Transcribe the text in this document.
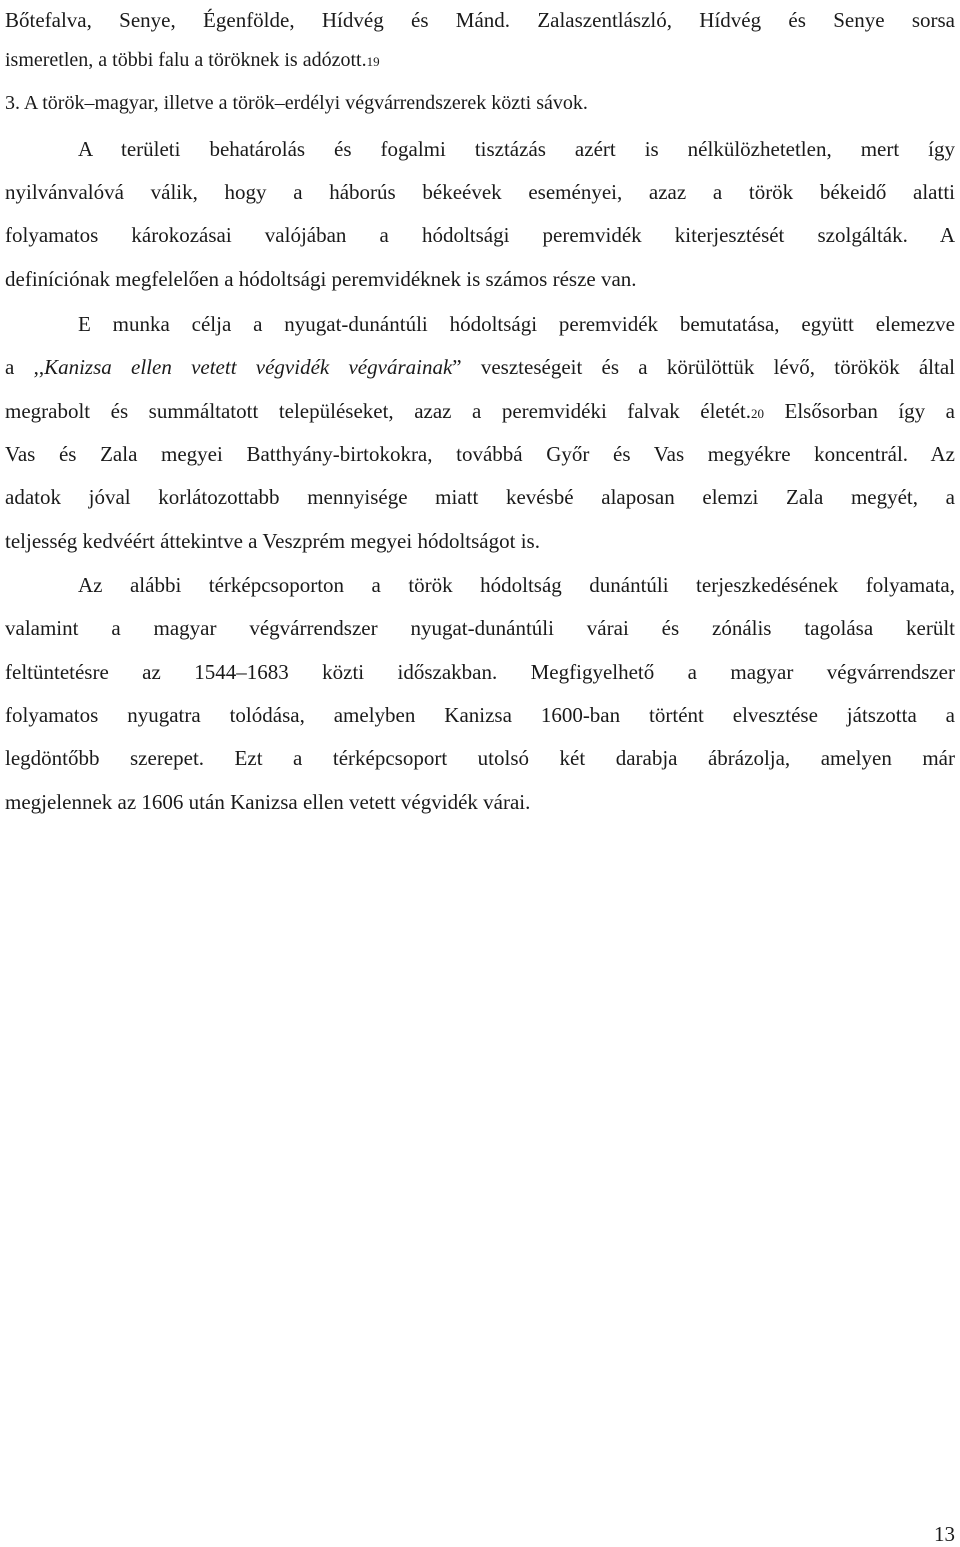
Bőtefalva, Senye, Égenfölde, Hídvég és Mánd. Zalaszentlászló, Hídvég és Senye sorsa
ismeretlen, a többi falu a töröknek is adózott.19
3. A török–magyar, illetve a török–erdélyi végvárrendszerek közti sávok.
A területi behatárolás és fogalmi tisztázás azért is nélkülözhetetlen, mert így
nyilvánvalóvá válik, hogy a háborús békeévek eseményei, azaz a török békeidő alatti
folyamatos károkozásai valójában a hódoltsági peremvidék kiterjesztését szolgálták. A
definíciónak megfelelően a hódoltsági peremvidéknek is számos része van.
E munka célja a nyugat-dunántúli hódoltsági peremvidék bemutatása, együtt elemezve
a ,,Kanizsa ellen vetett végvidék végvárainak” veszteségeit és a körülöttük lévő, törökök által
megrabolt és summáltatott településeket, azaz a peremvidéki falvak életét.20 Elsősorban így a
Vas és Zala megyei Batthyány-birtokokra, továbbá Győr és Vas megyékre koncentrál. Az
adatok jóval korlátozottabb mennyisége miatt kevésbé alaposan elemzi Zala megyét, a
teljesség kedvéért áttekintve a Veszprém megyei hódoltságot is.
Az alábbi térképcsoporton a török hódoltság dunántúli terjeszkedésének folyamata,
valamint a magyar végvárrendszer nyugat-dunántúli várai és zónális tagolása került
feltüntetésre az 1544–1683 közti időszakban. Megfigyelhető a magyar végvárrendszer
folyamatos nyugatra tolódása, amelyben Kanizsa 1600-ban történt elvesztése játszotta a
legdöntőbb szerepet. Ezt a térképcsoport utolsó két darabja ábrázolja, amelyen már
megjelennek az 1606 után Kanizsa ellen vetett végvidék várai.
13
